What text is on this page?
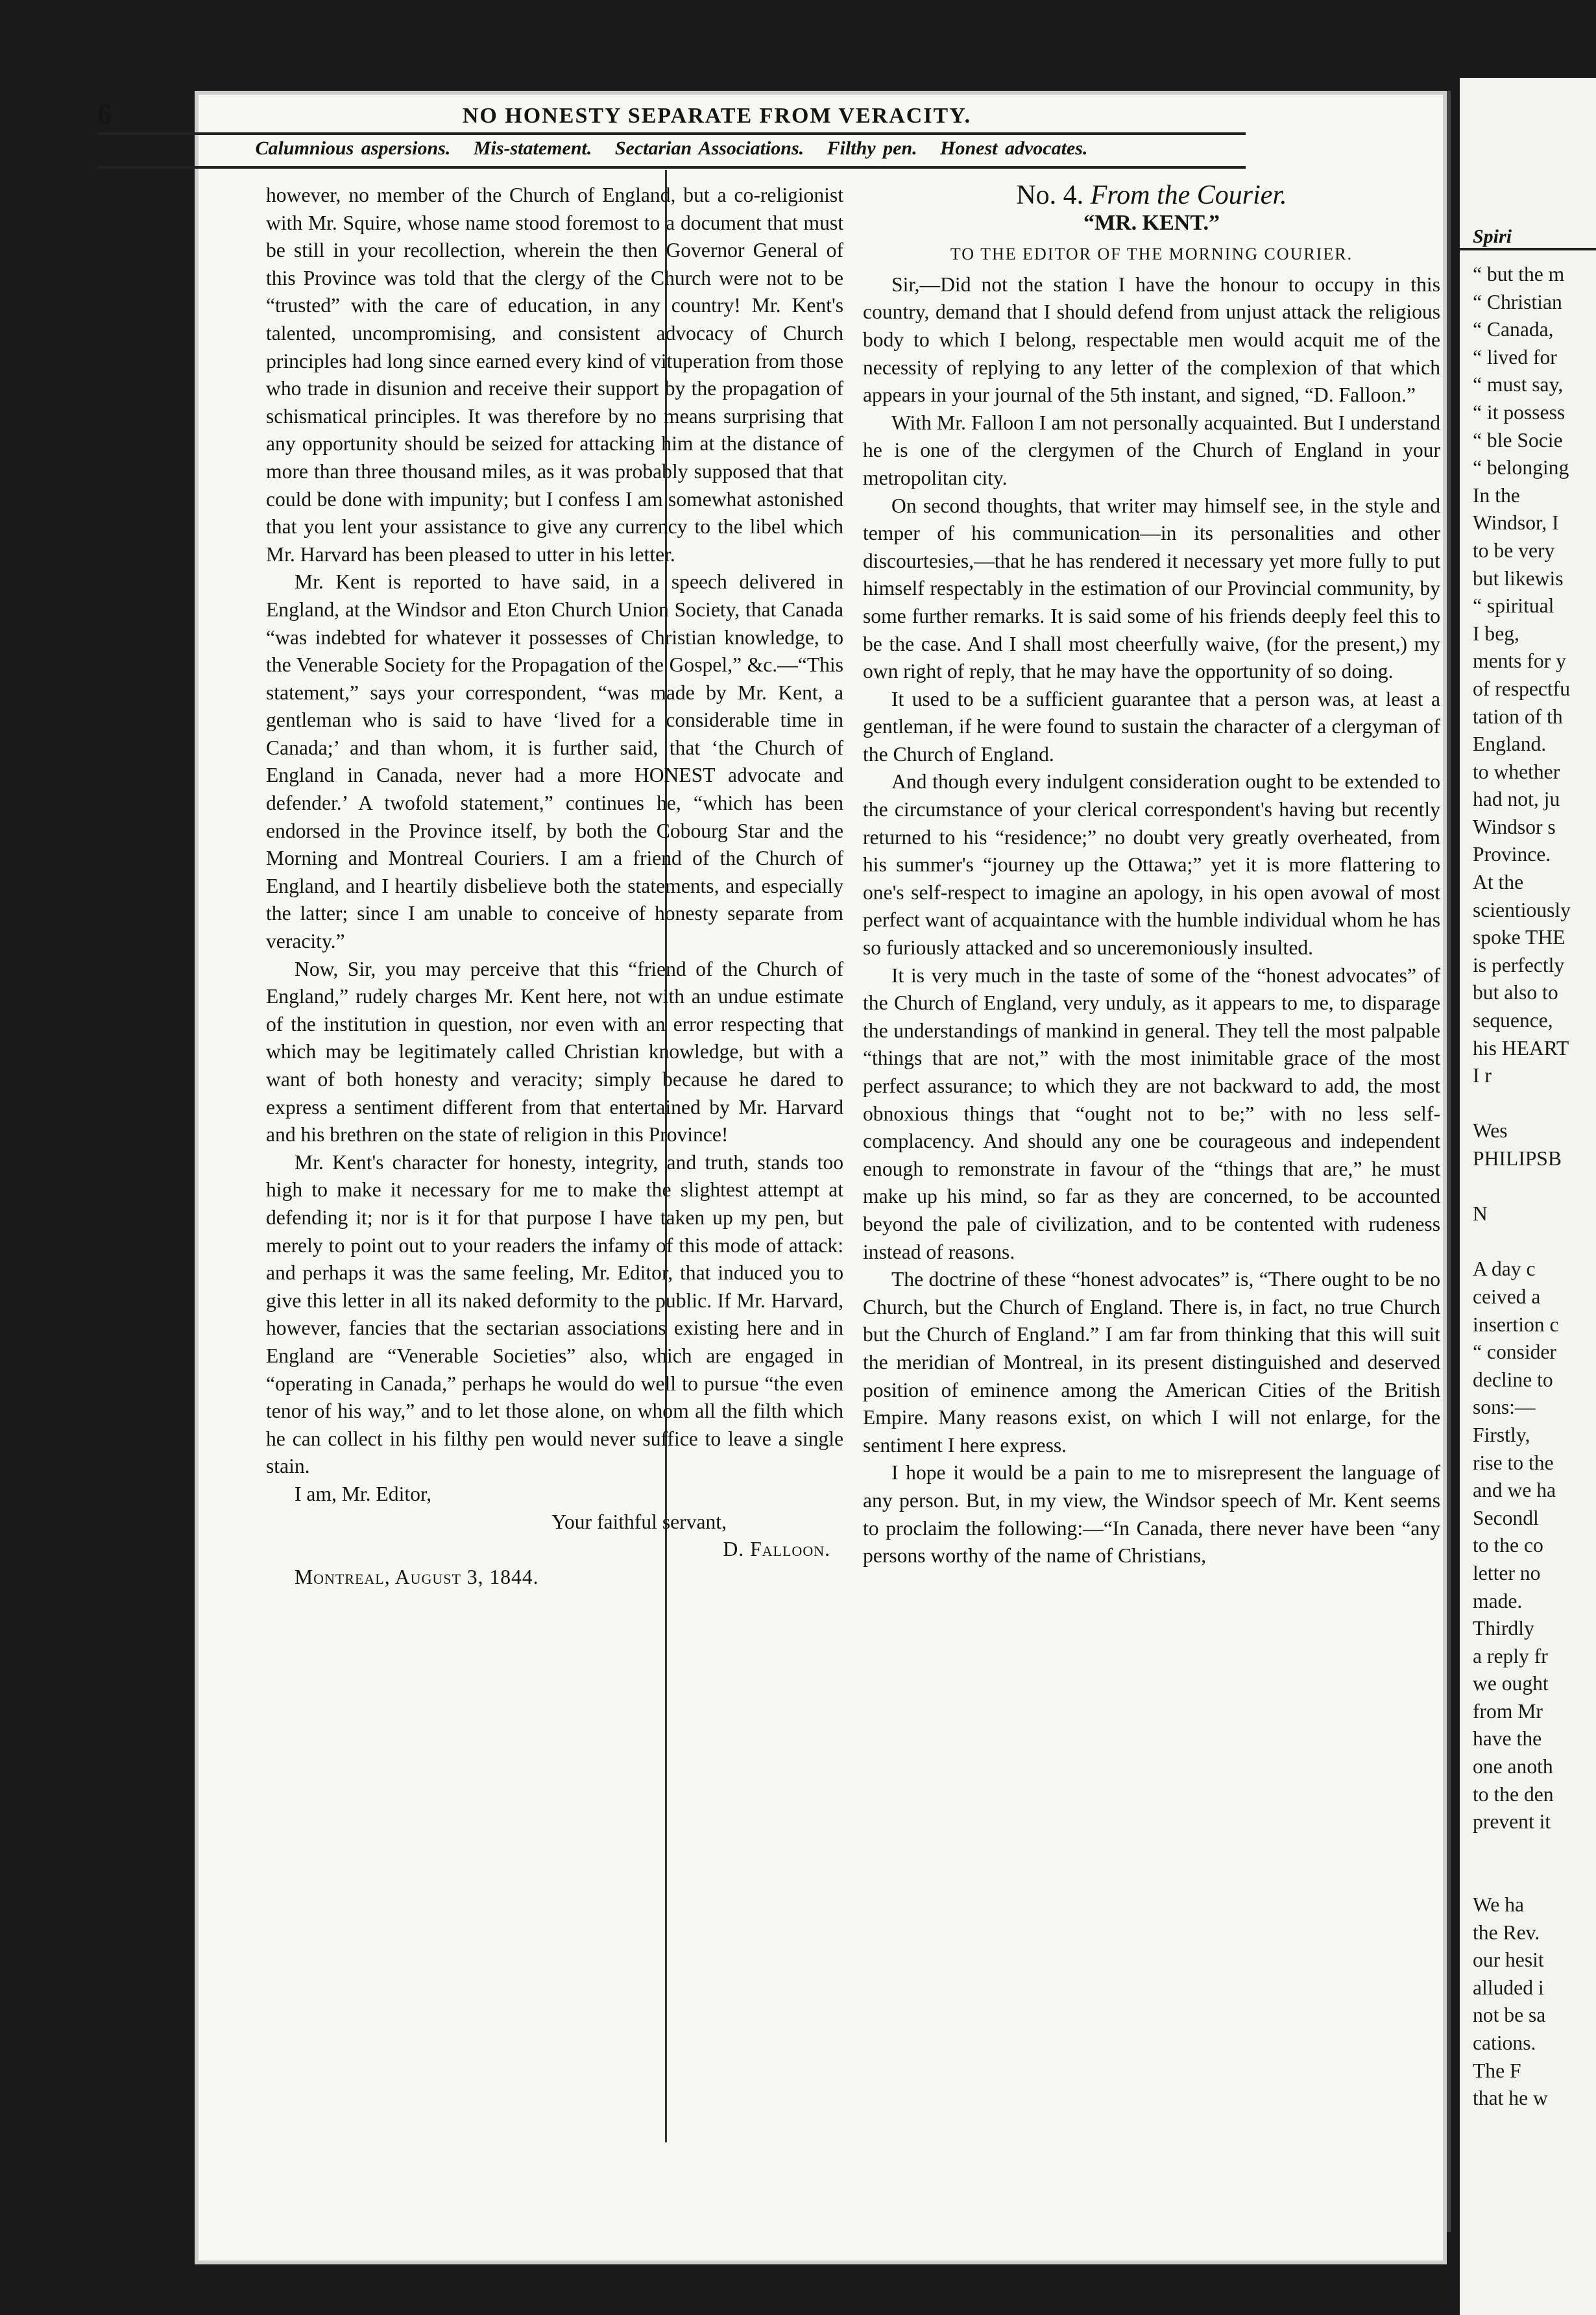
Spiri
“ but the m
“ Christian
“ Canada,
“ lived for
“ must say,
“ it possess
“ ble Socie
“ belonging
In the
Windsor, I
to be very
but likewis
“ spiritual
I beg,
ments for y
of respectfu
tation of th
England.
to whether
had not, ju
Windsor s
Province.
At the
scientiously
spoke THE
is perfectly
but also to
sequence,
his HEART
I r
Wes
PHILIPSB
N
A day c
ceived a
insertion c
“ consider
decline to
sons:—
Firstly,
rise to the
and we ha
Secondl
to the co
letter no
made.
Thirdly
a reply fr
we ought
from Mr
have the
one anoth
to the den
prevent it
We ha
the Rev.
our hesit
alluded i
not be sa
cations.
The F
that he w
6	NO HONESTY SEPARATE FROM VERACITY.
Calumnious aspersions. Mis-statement. Sectarian Associations. Filthy pen. Honest advocates.

however, no member of the Church of England, but a co-religionist with Mr. Squire, whose name stood foremost to a document that must be still in your recollection, wherein the then Governor General of this Province was told that the clergy of the Church were not to be “trusted” with the care of education, in any country! Mr. Kent's talented, uncompromising, and consistent advocacy of Church principles had long since earned every kind of vituperation from those who trade in disunion and receive their support by the propagation of schismatical principles. It was therefore by no means surprising that any opportunity should be seized for attacking him at the distance of more than three thousand miles, as it was probably supposed that that could be done with impunity; but I confess I am somewhat astonished that you lent your assistance to give any currency to the libel which Mr. Harvard has been pleased to utter in his letter.

Mr. Kent is reported to have said, in a speech delivered in England, at the Windsor and Eton Church Union Society, that Canada “was indebted for whatever it possesses of Christian knowledge, to the Venerable Society for the Propagation of the Gospel,” &c.—“This statement,” says your correspondent, “was made by Mr. Kent, a gentleman who is said to have ‘lived for a considerable time in Canada;’ and than whom, it is further said, that ‘the Church of England in Canada, never had a more HONEST advocate and defender.’ A twofold statement,” continues he, “which has been endorsed in the Province itself, by both the Cobourg Star and the Morning and Montreal Couriers. I am a friend of the Church of England, and I heartily disbelieve both the statements, and especially the latter; since I am unable to conceive of honesty separate from veracity.”

Now, Sir, you may perceive that this “friend of the Church of England,” rudely charges Mr. Kent here, not with an undue estimate of the institution in question, nor even with an error respecting that which may be legitimately called Christian knowledge, but with a want of both honesty and veracity; simply because he dared to express a sentiment different from that entertained by Mr. Harvard and his brethren on the state of religion in this Province!

Mr. Kent's character for honesty, integrity, and truth, stands too high to make it necessary for me to make the slightest attempt at defending it; nor is it for that purpose I have taken up my pen, but merely to point out to your readers the infamy of this mode of attack: and perhaps it was the same feeling, Mr. Editor, that induced you to give this letter in all its naked deformity to the public. If Mr. Harvard, however, fancies that the sectarian associations existing here and in England are “Venerable Societies” also, which are engaged in “operating in Canada,” perhaps he would do well to pursue “the even tenor of his way,” and to let those alone, on whom all the filth which he can collect in his filthy pen would never suffice to leave a single stain.

I am, Mr. Editor,

Your faithful servant,

D. Falloon.

Montreal, August 3, 1844.

No. 4. From the Courier.

“MR. KENT.”

TO THE EDITOR OF THE MORNING COURIER.

Sir,—Did not the station I have the honour to occupy in this country, demand that I should defend from unjust attack the religious body to which I belong, respectable men would acquit me of the necessity of replying to any letter of the complexion of that which appears in your journal of the 5th instant, and signed, “D. Falloon.”

With Mr. Falloon I am not personally acquainted. But I understand he is one of the clergymen of the Church of England in your metropolitan city.

On second thoughts, that writer may himself see, in the style and temper of his communication—in its personalities and other discourtesies,—that he has rendered it necessary yet more fully to put himself respectably in the estimation of our Provincial community, by some further remarks. It is said some of his friends deeply feel this to be the case. And I shall most cheerfully waive, (for the present,) my own right of reply, that he may have the opportunity of so doing.

It used to be a sufficient guarantee that a person was, at least a gentleman, if he were found to sustain the character of a clergyman of the Church of England.

And though every indulgent consideration ought to be extended to the circumstance of your clerical correspondent's having but recently returned to his “residence;” no doubt very greatly overheated, from his summer's “journey up the Ottawa;” yet it is more flattering to one's self-respect to imagine an apology, in his open avowal of most perfect want of acquaintance with the humble individual whom he has so furiously attacked and so unceremoniously insulted.

It is very much in the taste of some of the “honest advocates” of the Church of England, very unduly, as it appears to me, to disparage the understandings of mankind in general. They tell the most palpable “things that are not,” with the most inimitable grace of the most perfect assurance; to which they are not backward to add, the most obnoxious things that “ought not to be;” with no less self-complacency. And should any one be courageous and independent enough to remonstrate in favour of the “things that are,” he must make up his mind, so far as they are concerned, to be accounted beyond the pale of civilization, and to be contented with rudeness instead of reasons.

The doctrine of these “honest advocates” is, “There ought to be no Church, but the Church of England. There is, in fact, no true Church but the Church of England.” I am far from thinking that this will suit the meridian of Montreal, in its present distinguished and deserved position of eminence among the American Cities of the British Empire. Many reasons exist, on which I will not enlarge, for the sentiment I here express.

I hope it would be a pain to me to misrepresent the language of any person. But, in my view, the Windsor speech of Mr. Kent seems to proclaim the following:—“In Canada, there never have been “any persons worthy of the name of Christians,
